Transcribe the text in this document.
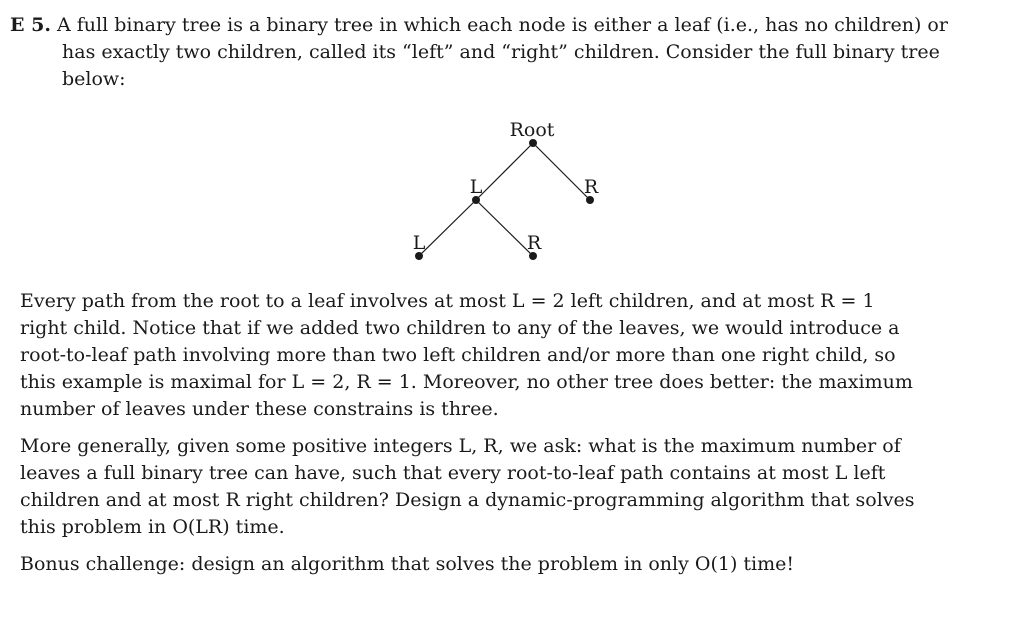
E 5. A full binary tree is a binary tree in which each node is either a leaf (i.e., has no children) or
has exactly two children, called its “left” and “right” children. Consider the full binary tree
below:
Root
L	R
L	R
Every path from the root to a leaf involves at most L = 2 left children, and at most R = 1
right child. Notice that if we added two children to any of the leaves, we would introduce a
root-to-leaf path involving more than two left children and/or more than one right child, so
this example is maximal for L = 2, R = 1. Moreover, no other tree does better: the maximum
number of leaves under these constrains is three.
More generally, given some positive integers L, R, we ask: what is the maximum number of
leaves a full binary tree can have, such that every root-to-leaf path contains at most L left
children and at most R right children? Design a dynamic-programming algorithm that solves
this problem in O(LR) time.
Bonus challenge: design an algorithm that solves the problem in only O(1) time!
